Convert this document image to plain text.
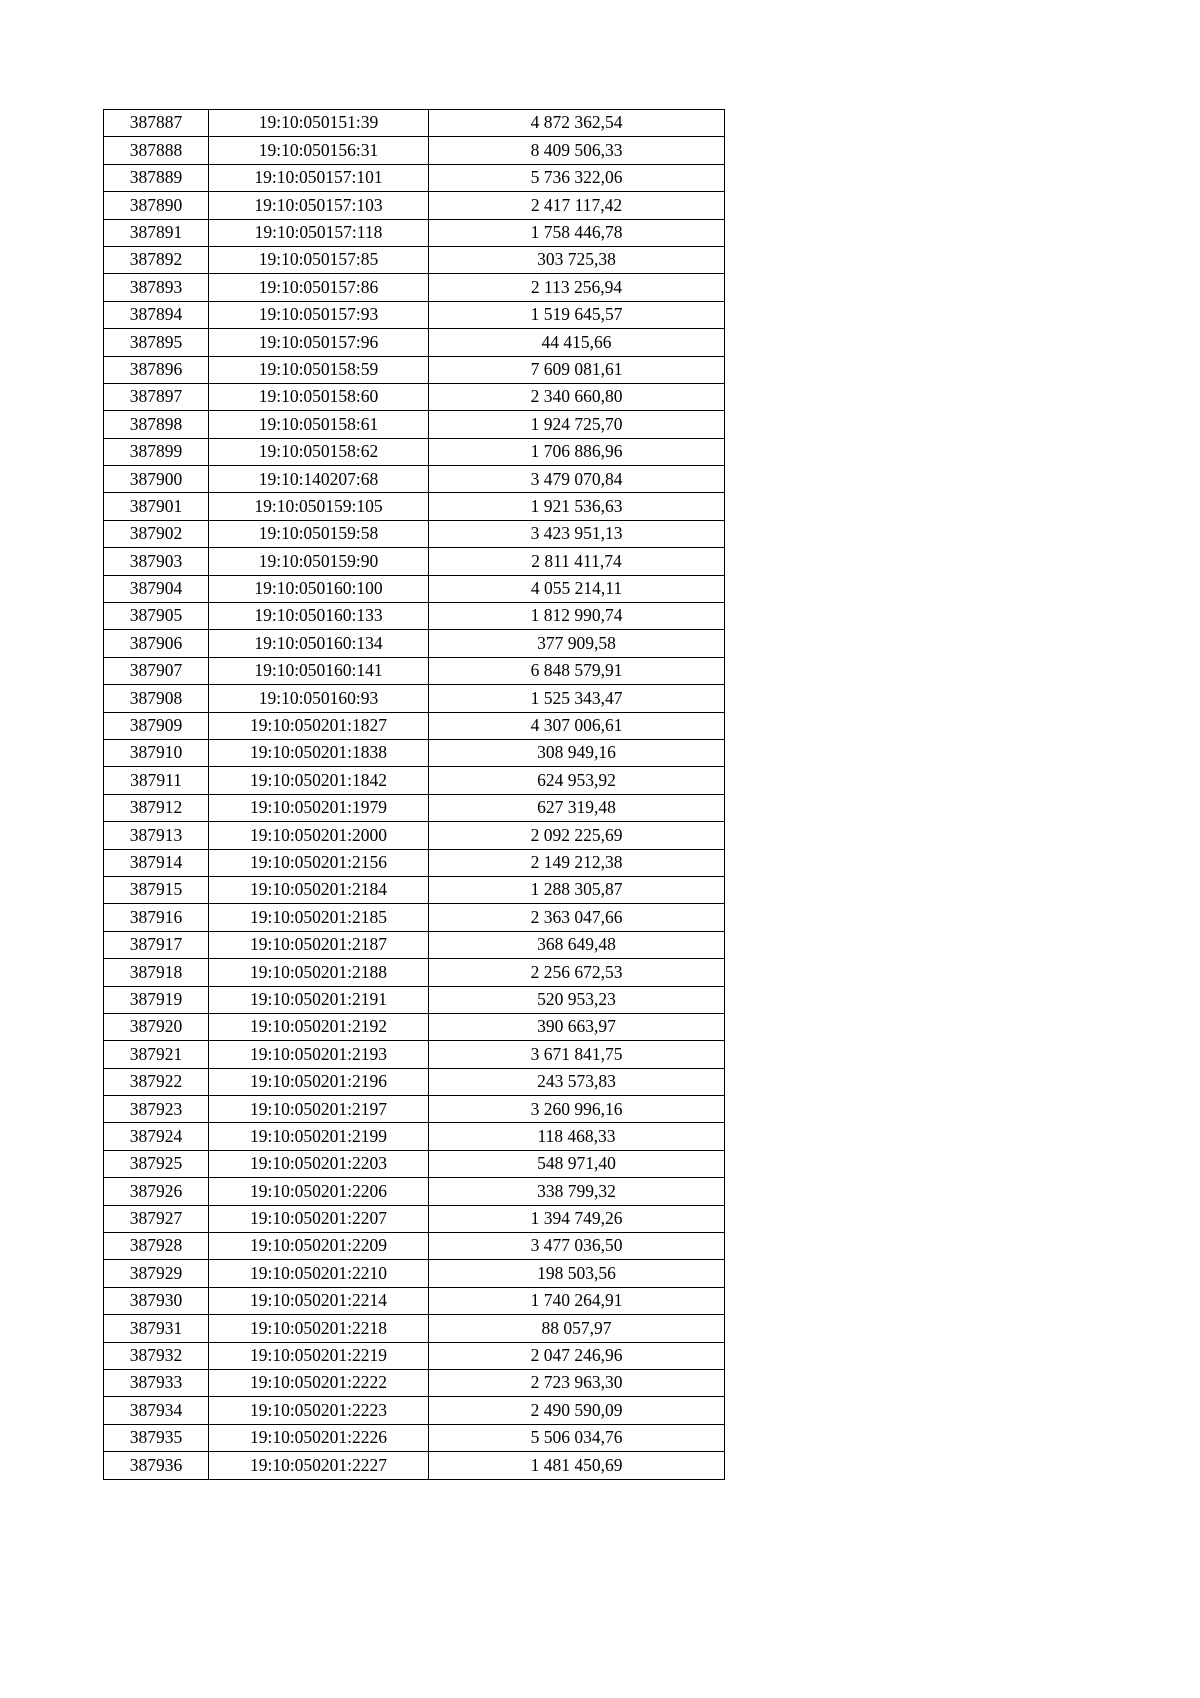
387887	19:10:050151:39	4 872 362,54
387888	19:10:050156:31	8 409 506,33
387889	19:10:050157:101	5 736 322,06
387890	19:10:050157:103	2 417 117,42
387891	19:10:050157:118	1 758 446,78
387892	19:10:050157:85	303 725,38
387893	19:10:050157:86	2 113 256,94
387894	19:10:050157:93	1 519 645,57
387895	19:10:050157:96	44 415,66
387896	19:10:050158:59	7 609 081,61
387897	19:10:050158:60	2 340 660,80
387898	19:10:050158:61	1 924 725,70
387899	19:10:050158:62	1 706 886,96
387900	19:10:140207:68	3 479 070,84
387901	19:10:050159:105	1 921 536,63
387902	19:10:050159:58	3 423 951,13
387903	19:10:050159:90	2 811 411,74
387904	19:10:050160:100	4 055 214,11
387905	19:10:050160:133	1 812 990,74
387906	19:10:050160:134	377 909,58
387907	19:10:050160:141	6 848 579,91
387908	19:10:050160:93	1 525 343,47
387909	19:10:050201:1827	4 307 006,61
387910	19:10:050201:1838	308 949,16
387911	19:10:050201:1842	624 953,92
387912	19:10:050201:1979	627 319,48
387913	19:10:050201:2000	2 092 225,69
387914	19:10:050201:2156	2 149 212,38
387915	19:10:050201:2184	1 288 305,87
387916	19:10:050201:2185	2 363 047,66
387917	19:10:050201:2187	368 649,48
387918	19:10:050201:2188	2 256 672,53
387919	19:10:050201:2191	520 953,23
387920	19:10:050201:2192	390 663,97
387921	19:10:050201:2193	3 671 841,75
387922	19:10:050201:2196	243 573,83
387923	19:10:050201:2197	3 260 996,16
387924	19:10:050201:2199	118 468,33
387925	19:10:050201:2203	548 971,40
387926	19:10:050201:2206	338 799,32
387927	19:10:050201:2207	1 394 749,26
387928	19:10:050201:2209	3 477 036,50
387929	19:10:050201:2210	198 503,56
387930	19:10:050201:2214	1 740 264,91
387931	19:10:050201:2218	88 057,97
387932	19:10:050201:2219	2 047 246,96
387933	19:10:050201:2222	2 723 963,30
387934	19:10:050201:2223	2 490 590,09
387935	19:10:050201:2226	5 506 034,76
387936	19:10:050201:2227	1 481 450,69
